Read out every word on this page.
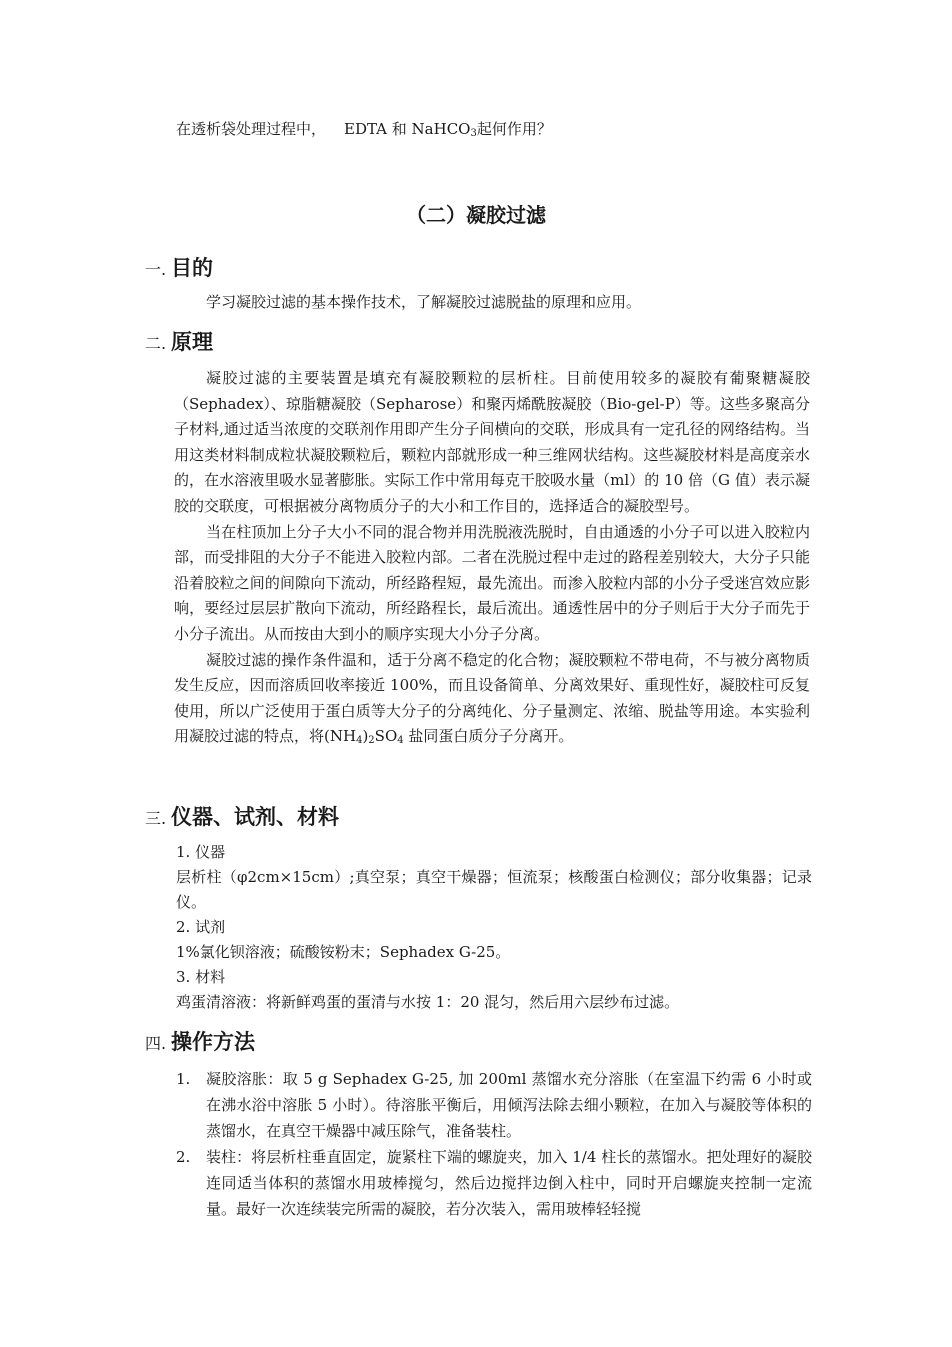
在透析袋处理过程中， EDTA 和 NaHCO$_3$起何作用？
（二）凝胶过滤
一. 目的
学习凝胶过滤的基本操作技术，了解凝胶过滤脱盐的原理和应用。
二. 原理

凝胶过滤的主要装置是填充有凝胶颗粒的层析柱。目前使用较多的凝胶有葡聚糖凝胶（Sephadex）、琼脂糖凝胶（Sepharose）和聚丙烯酰胺凝胶（Bio-gel-P）等。这些多聚高分子材料,通过适当浓度的交联剂作用即产生分子间横向的交联，形成具有一定孔径的网络结构。当用这类材料制成粒状凝胶颗粒后，颗粒内部就形成一种三维网状结构。这些凝胶材料是高度亲水的，在水溶液里吸水显著膨胀。实际工作中常用每克干胶吸水量（ml）的 10 倍（G 值）表示凝胶的交联度，可根据被分离物质分子的大小和工作目的，选择适合的凝胶型号。

当在柱顶加上分子大小不同的混合物并用洗脱液洗脱时，自由通透的小分子可以进入胶粒内部，而受排阻的大分子不能进入胶粒内部。二者在洗脱过程中走过的路程差别较大，大分子只能沿着胶粒之间的间隙向下流动，所经路程短，最先流出。而渗入胶粒内部的小分子受迷宫效应影响，要经过层层扩散向下流动，所经路程长，最后流出。通透性居中的分子则后于大分子而先于小分子流出。从而按由大到小的顺序实现大小分子分离。

凝胶过滤的操作条件温和，适于分离不稳定的化合物；凝胶颗粒不带电荷，不与被分离物质发生反应，因而溶质回收率接近 100%，而且设备简单、分离效果好、重现性好，凝胶柱可反复使用，所以广泛使用于蛋白质等大分子的分离纯化、分子量测定、浓缩、脱盐等用途。本实验利用凝胶过滤的特点，将$(NH_4)_2SO_4$ 盐同蛋白质分子分离开。

三. 仪器、试剂、材料
1. 仪器
层析柱（φ2cm×15cm）;真空泵；真空干燥器；恒流泵；核酸蛋白检测仪；部分收集器；记录仪。
2. 试剂
1%氯化钡溶液；硫酸铵粉末；Sephadex G-25。
3. 材料
鸡蛋清溶液：将新鲜鸡蛋的蛋清与水按 1：20 混匀，然后用六层纱布过滤。
四. 操作方法
1.	凝胶溶胀：取 5 g Sephadex G-25, 加 200ml 蒸馏水充分溶胀（在室温下约需 6 小时或在沸水浴中溶胀 5 小时）。待溶胀平衡后，用倾泻法除去细小颗粒，在加入与凝胶等体积的蒸馏水，在真空干燥器中减压除气，准备装柱。
2.	装柱：将层析柱垂直固定，旋紧柱下端的螺旋夹，加入 1/4 柱长的蒸馏水。把处理好的凝胶连同适当体积的蒸馏水用玻棒搅匀，然后边搅拌边倒入柱中，同时开启螺旋夹控制一定流量。最好一次连续装完所需的凝胶，若分次装入，需用玻棒轻轻搅
